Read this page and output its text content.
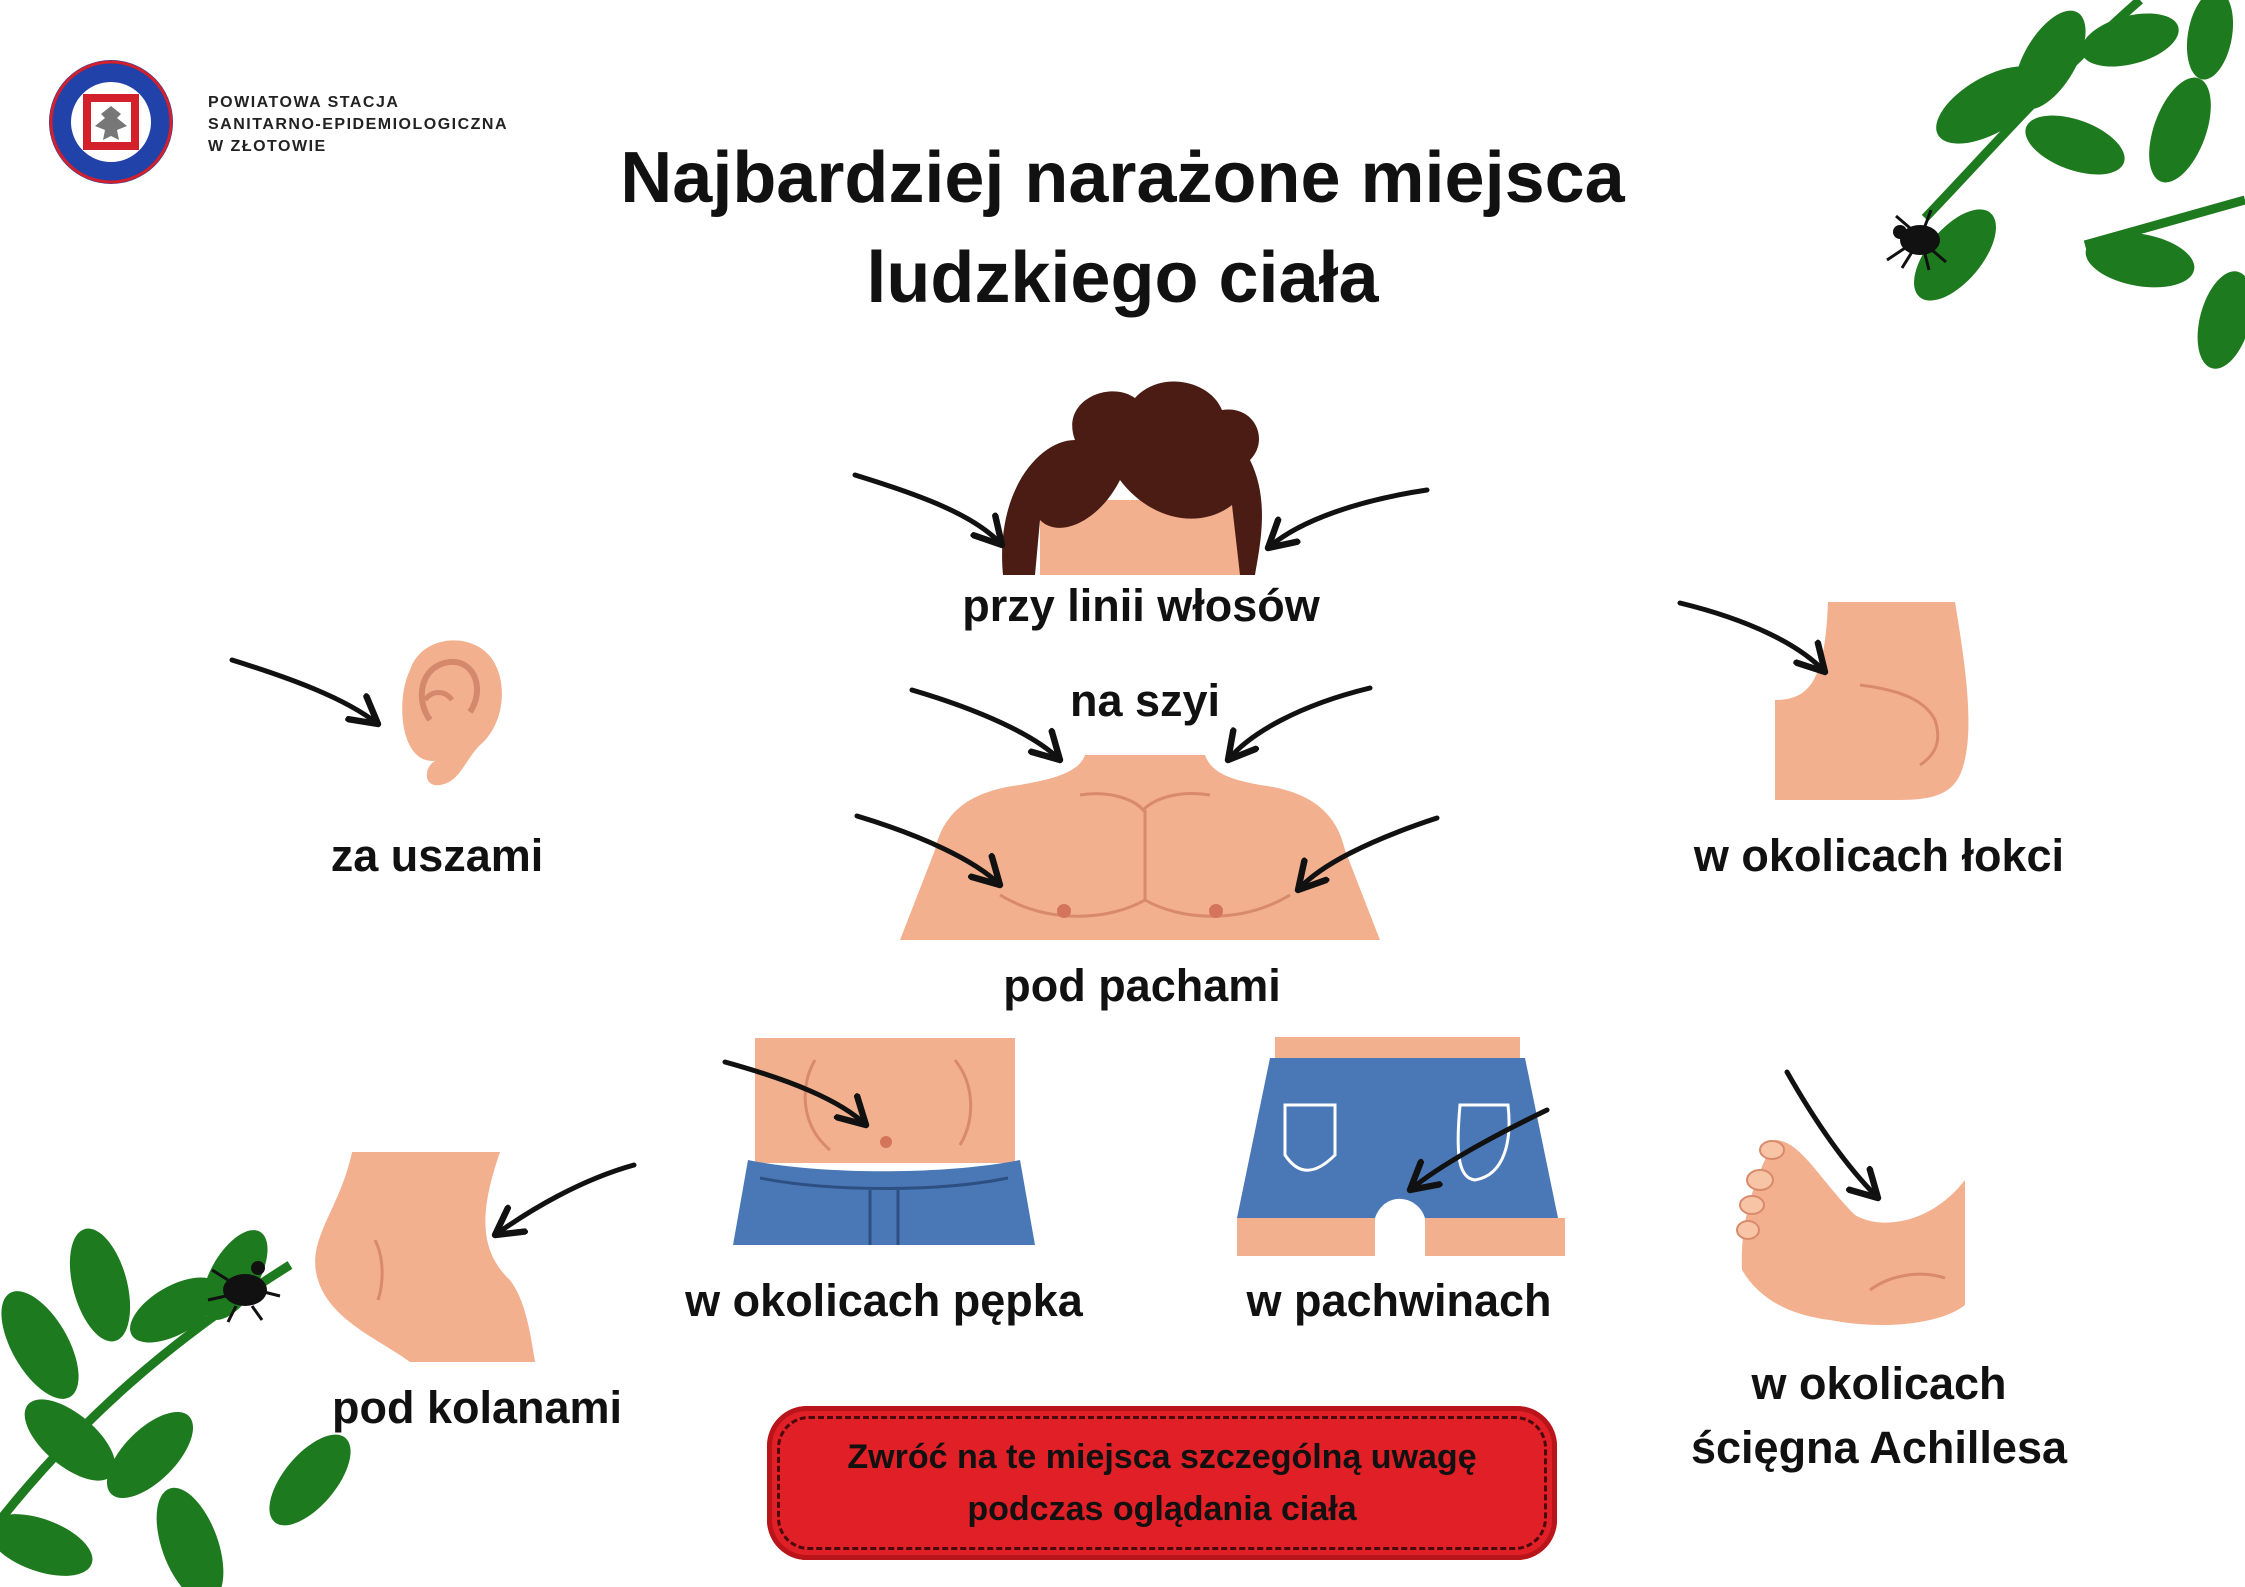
POWIATOWA STACJA
SANITARNO-EPIDEMIOLOGICZNA
W ZŁOTOWIE	Najbardziej narażone miejsca
ludzkiego ciała
przy linii włosów
na szyi
za uszami	w okolicach łokci
pod pachami
w okolicach pępka	w pachwinach
pod kolanami	w okolicach
ścięgna Achillesa
Zwróć na te miejsca szczególną uwagę
podczas oglądania ciała
